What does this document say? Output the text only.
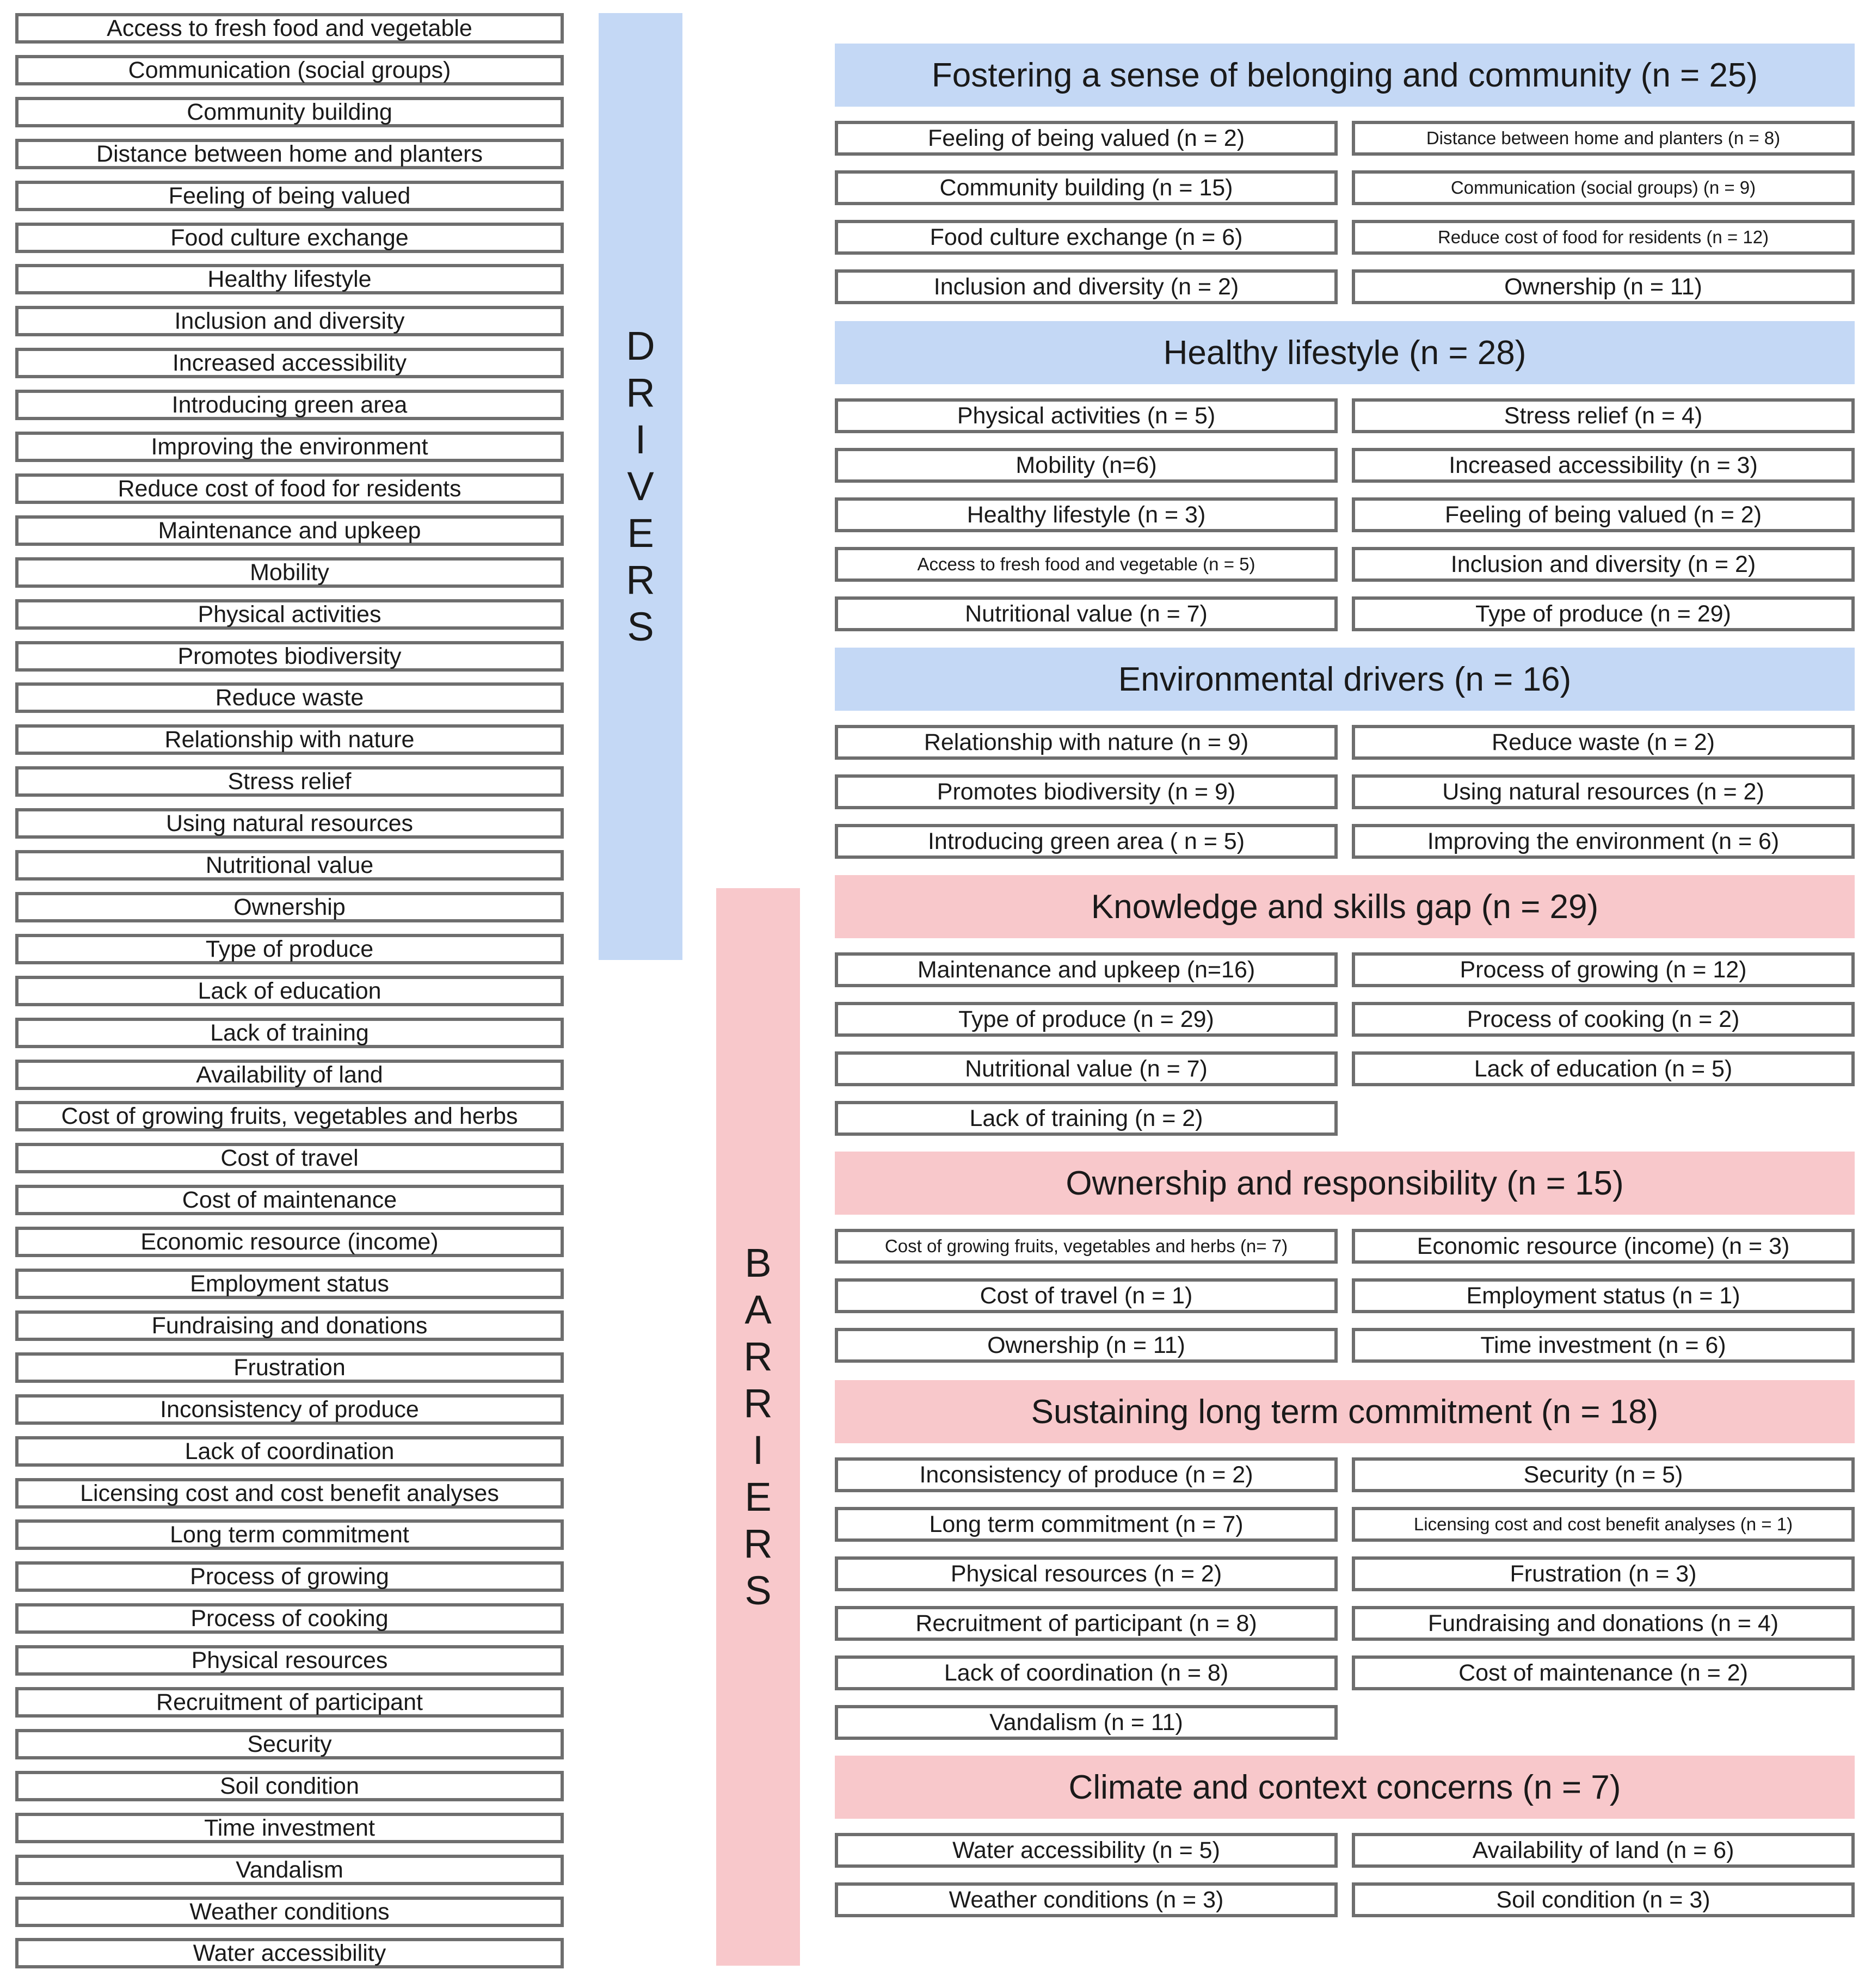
Access to fresh food and vegetable
Communication (social groups)
Community building
Distance between home and planters
Feeling of being valued
Food culture exchange
Healthy lifestyle
Inclusion and diversity
Increased accessibility
Introducing green area
Improving the environment
Reduce cost of food for residents
Maintenance and upkeep
Mobility
Physical activities
Promotes biodiversity
Reduce waste
Relationship with nature
Stress relief
Using natural resources
Nutritional value
Ownership
Type of produce
Lack of education
Lack of training
Availability of land
Cost of growing fruits, vegetables and herbs
Cost of travel
Cost of maintenance
Economic resource (income)
Employment status
Fundraising and donations
Frustration
Inconsistency of produce
Lack of coordination
Licensing cost and cost benefit analyses
Long term commitment
Process of growing
Process of cooking
Physical resources
Recruitment of participant
Security
Soil condition
Time investment
Vandalism
Weather conditions
Water accessibility
D
R
I
V
E
R
S
B
A
R
R
I
E
R
S
Fostering a sense of belonging and community (n = 25)
Feeling of being valued (n = 2)	Distance between home and planters (n = 8)
Community building (n = 15)	Communication (social groups) (n = 9)
Food culture exchange (n = 6)	Reduce cost of food for residents (n = 12)
Inclusion and diversity (n = 2)	Ownership (n = 11)
Healthy lifestyle (n = 28)
Physical activities (n = 5)	Stress relief (n = 4)
Mobility (n=6)	Increased accessibility (n = 3)
Healthy lifestyle (n = 3)	Feeling of being valued (n = 2)
Access to fresh food and vegetable (n = 5)	Inclusion and diversity (n = 2)
Nutritional value (n = 7)	Type of produce (n = 29)
Environmental drivers (n = 16)
Relationship with nature (n = 9)	Reduce waste (n = 2)
Promotes biodiversity (n = 9)	Using natural resources (n = 2)
Introducing green area ( n = 5)	Improving the environment (n = 6)
Knowledge and skills gap (n = 29)
Maintenance and upkeep (n=16)	Process of growing (n = 12)
Type of produce (n = 29)	Process of cooking (n = 2)
Nutritional value (n = 7)	Lack of education (n = 5)
Lack of training (n = 2)
Ownership and responsibility (n = 15)
Cost of growing fruits, vegetables and herbs (n= 7)	Economic resource (income) (n = 3)
Cost of travel (n = 1)	Employment status (n = 1)
Ownership (n = 11)	Time investment (n = 6)
Sustaining long term commitment (n = 18)
Inconsistency of produce (n = 2)	Security (n = 5)
Long term commitment (n = 7)	Licensing cost and cost benefit analyses (n = 1)
Physical resources (n = 2)	Frustration (n = 3)
Recruitment of participant (n = 8)	Fundraising and donations (n = 4)
Lack of coordination (n = 8)	Cost of maintenance (n = 2)
Vandalism (n = 11)
Climate and context concerns (n = 7)
Water accessibility (n = 5)	Availability of land (n = 6)
Weather conditions (n = 3)	Soil condition (n = 3)
